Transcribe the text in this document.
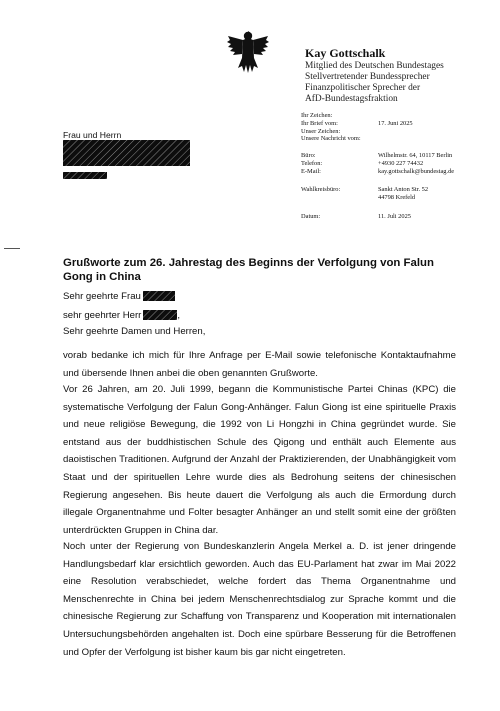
Kay Gottschalk
Mitglied des Deutschen Bundestages
Stellvertretender Bundessprecher
Finanzpolitischer Sprecher der
AfD-Bundestagsfraktion
Frau und Herrn
Ihr Zeichen:
Ihr Brief vom:	17. Juni 2025
Unser Zeichen:
Unsere Nachricht vom:
Büro:	Wilhelmstr. 64, 10117 Berlin
Telefon:	+4930 227 74432
E-Mail:	kay.gottschalk@bundestag.de
Wahlkreisbüro:	Sankt Anton Str. 52
44798 Krefeld
Datum:	11. Juli 2025
Grußworte zum 26. Jahrestag des Beginns der Verfolgung von Falun Gong in China
Sehr geehrte Frau
sehr geehrter Herr	,
Sehr geehrte Damen und Herren,
vorab bedanke ich mich für Ihre Anfrage per E-Mail sowie telefonische Kontaktaufnahme und übersende Ihnen anbei die oben genannten Grußworte.
Vor 26 Jahren, am 20. Juli 1999, begann die Kommunistische Partei Chinas (KPC) die systematische Verfolgung der Falun Gong-Anhänger. Falun Giong ist eine spirituelle Praxis und neue religiöse Bewegung, die 1992 von Li Hongzhi in China gegründet wurde. Sie entstand aus der buddhistischen Schule des Qigong und enthält auch Elemente aus daoistischen Traditionen. Aufgrund der Anzahl der Praktizierenden, der Unabhängigkeit vom Staat und der spirituellen Lehre wurde dies als Bedrohung seitens der chinesischen Regierung angesehen. Bis heute dauert die Verfolgung als auch die Ermordung durch illegale Organentnahme und Folter besagter Anhänger an und stellt somit eine der größten unterdrückten Gruppen in China dar.
Noch unter der Regierung von Bundeskanzlerin Angela Merkel a. D. ist jener dringende Handlungsbedarf klar ersichtlich geworden. Auch das EU-Parlament hat zwar im Mai 2022 eine Resolution verabschiedet, welche fordert das Thema Organentnahme und Menschenrechte in China bei jedem Menschenrechtsdialog zur Sprache kommt und die chinesische Regierung zur Schaffung von Transparenz und Kooperation mit internationalen Untersuchungsbehörden angehalten ist. Doch eine spürbare Besserung für die Betroffenen und Opfer der Verfolgung ist bisher kaum bis gar nicht eingetreten.
